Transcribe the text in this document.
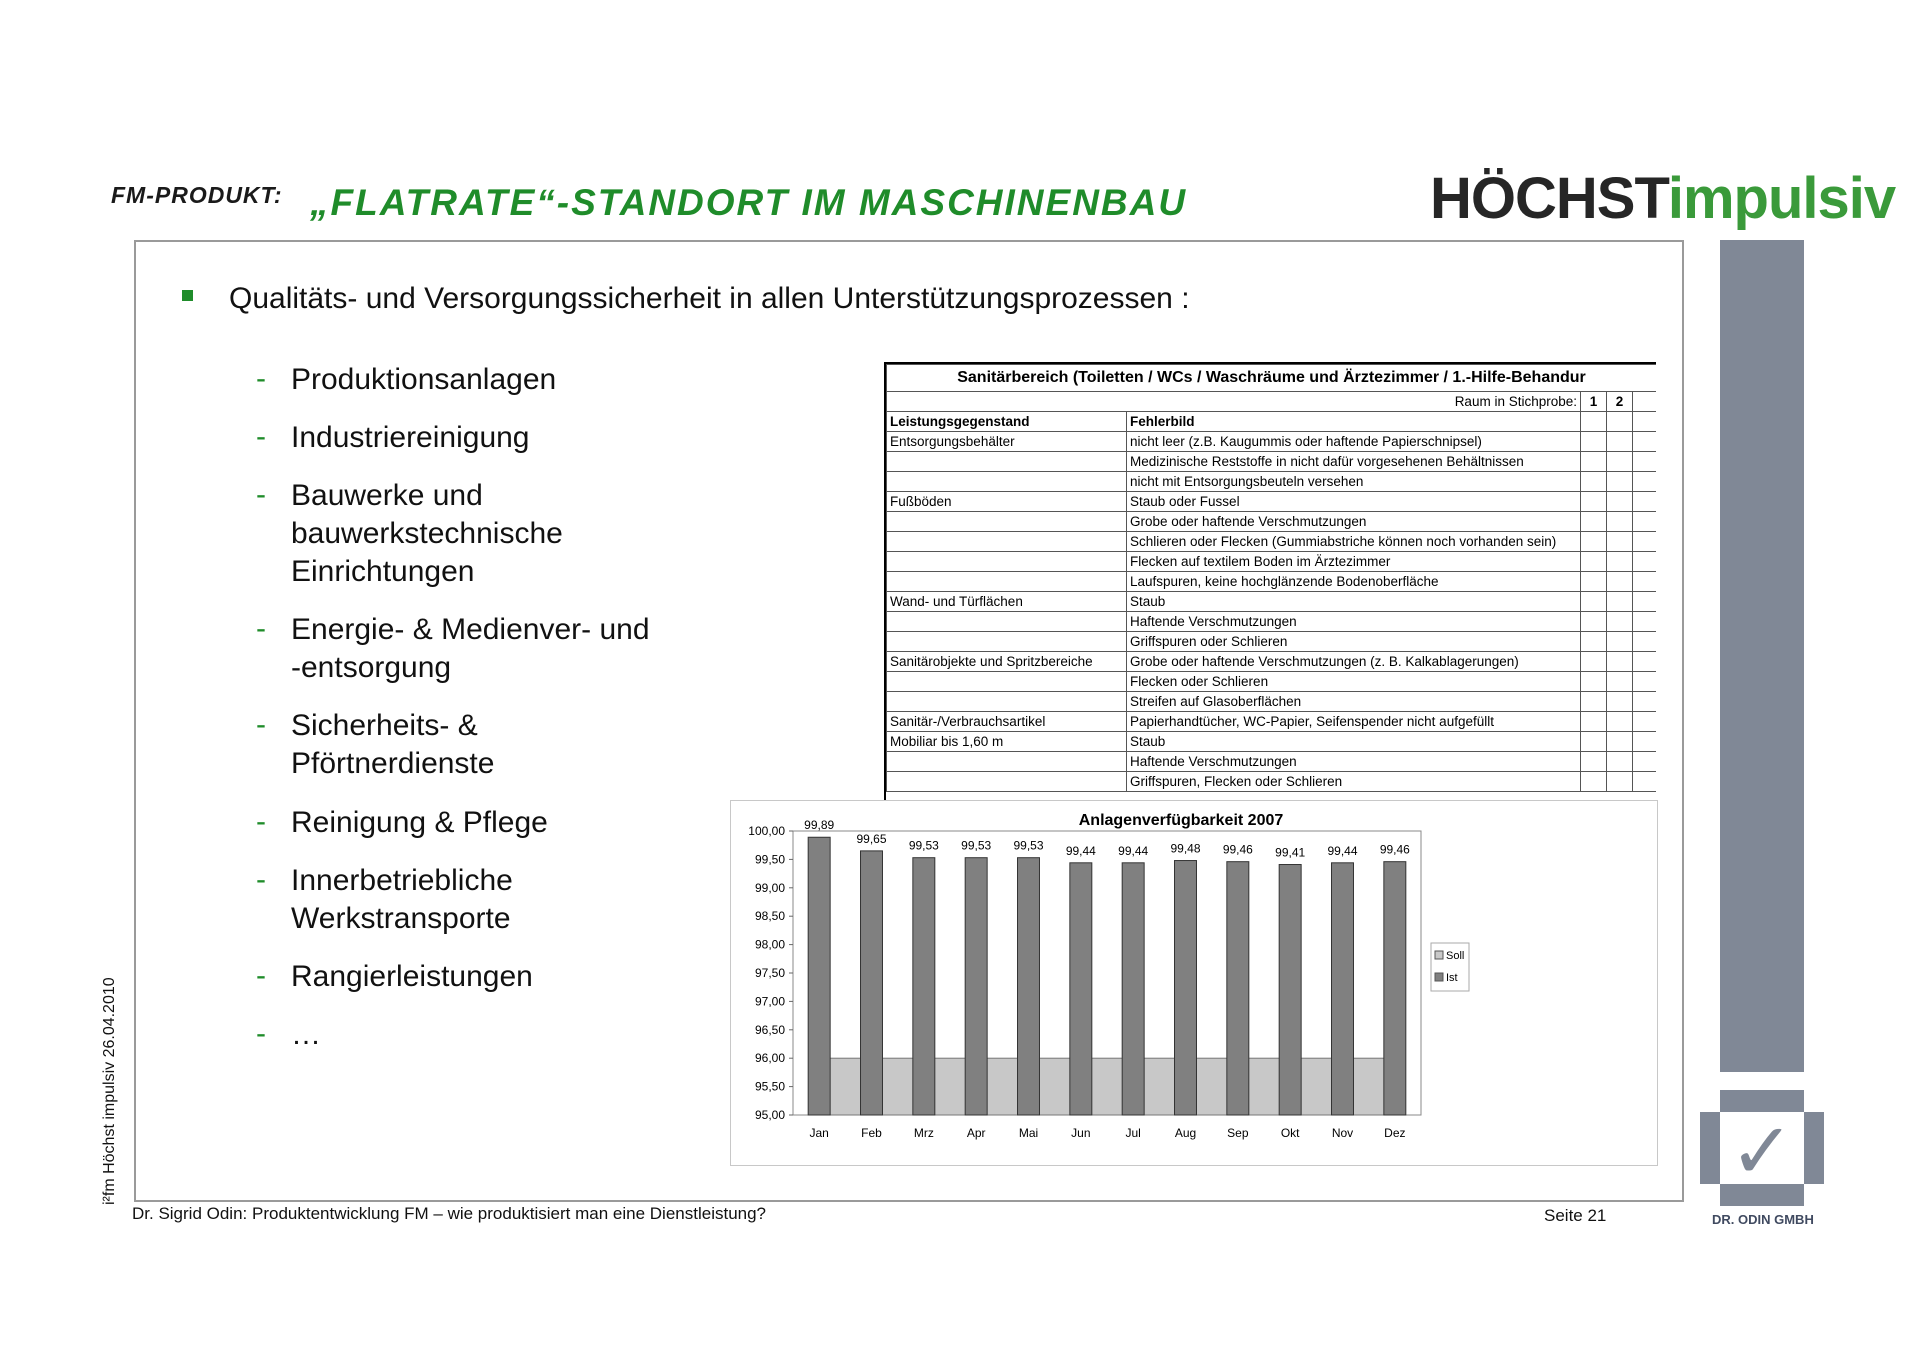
FM-PRODUKT: „FLATRATE“-STANDORT IM MASCHINENBAU	HÖCHSTimpulsiv
✓
DR. ODIN GMBH
Qualitäts- und Versorgungssicherheit in allen Unterstützungsprozessen :
- Produktionsanlagen
- Industriereinigung
- Bauwerke und
bauwerkstechnische
Einrichtungen
- Energie- & Medienver- und
-entsorgung
- Sicherheits- &
Pförtnerdienste
- Reinigung & Pflege
- Innerbetriebliche
Werkstransporte
- Rangierleistungen
- …
Sanitärbereich (Toiletten / WCs / Waschräume und Ärztezimmer / 1.-Hilfe-Behandur				
Raum in Stichprobe:		1	2	
Leistungsgegenstand	Fehlerbild			
Entsorgungsbehälter	nicht leer (z.B. Kaugummis oder haftende Papierschnipsel)			
	Medizinische Reststoffe in nicht dafür vorgesehenen Behältnissen			
	nicht mit Entsorgungsbeuteln versehen			
Fußböden	Staub oder Fussel			
	Grobe oder haftende Verschmutzungen			
	Schlieren oder Flecken (Gummiabstriche können noch vorhanden sein)			
	Flecken auf textilem Boden im Ärztezimmer			
	Laufspuren, keine hochglänzende Bodenoberfläche			
Wand- und Türflächen	Staub			
	Haftende Verschmutzungen			
	Griffspuren oder Schlieren			
Sanitärobjekte und Spritzbereiche	Grobe oder haftende Verschmutzungen (z. B. Kalkablagerungen)			
	Flecken oder Schlieren			
	Streifen auf Glasoberflächen			
Sanitär-/Verbrauchsartikel	Papierhandtücher, WC-Papier, Seifenspender nicht aufgefüllt			
Mobiliar bis 1,60 m	Staub			
	Haftende Verschmutzungen			
	Griffspuren, Flecken oder Schlieren			
Anlagenverfügbarkeit 2007
99,89
99,65 99,53 99,53 99,53 99,44 99,44 99,48 99,46 99,41 99,44 99,46
Jan	Feb	Mrz	Apr	Mai	Jun	Jul	Aug	Sep	Okt	Nov	Dez
100,00
99,50
99,00
98,50
98,00
97,50
97,00
96,50
96,00
95,50
95,00
Soll
Ist
i²fm Höchst impulsiv 26.04.2010
Dr. Sigrid Odin: Produktentwicklung FM – wie produktisiert man eine Dienstleistung?	Seite 21
